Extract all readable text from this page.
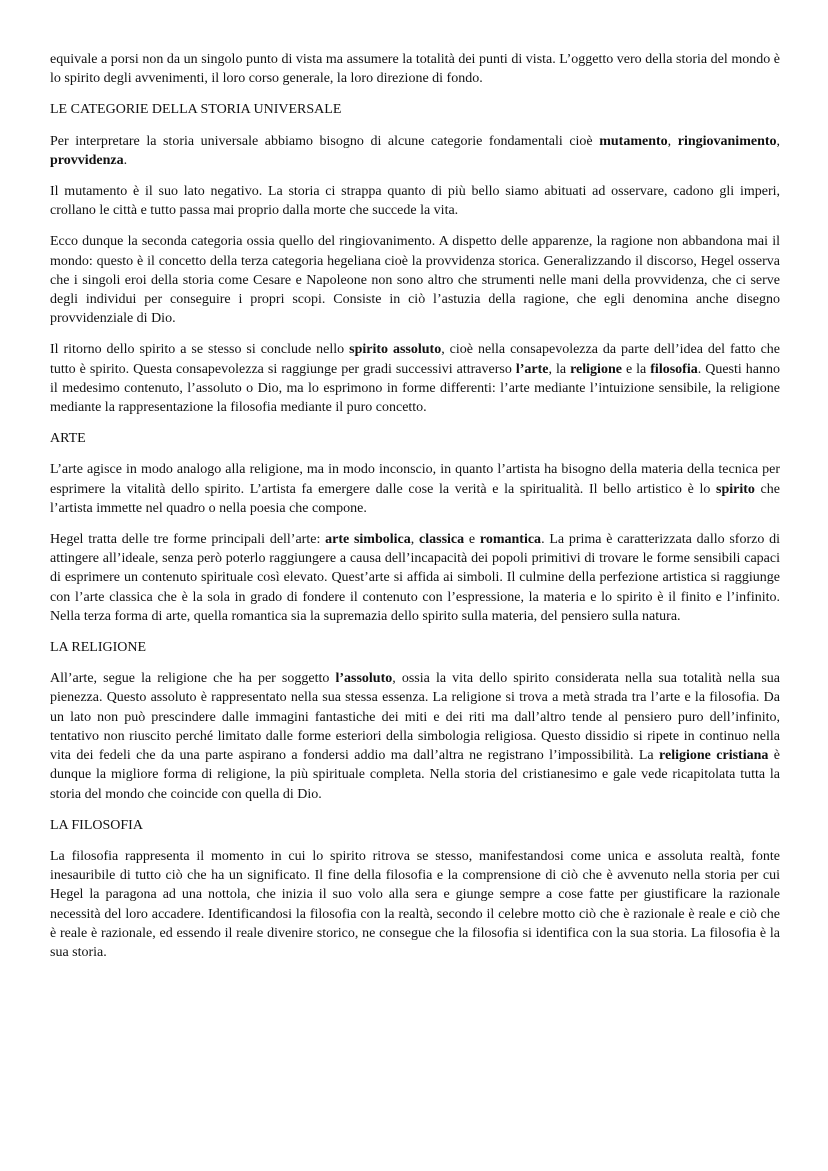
equivale a porsi non da un singolo punto di vista ma assumere la totalità dei punti di vista. L’oggetto vero della storia del mondo è lo spirito degli avvenimenti, il loro corso generale, la loro direzione di fondo.

LE CATEGORIE DELLA STORIA UNIVERSALE

Per interpretare la storia universale abbiamo bisogno di alcune categorie fondamentali cioè mutamento, ringiovanimento, provvidenza.

Il mutamento è il suo lato negativo. La storia ci strappa quanto di più bello siamo abituati ad osservare, cadono gli imperi, crollano le città e tutto passa mai proprio dalla morte che succede la vita.

Ecco dunque la seconda categoria ossia quello del ringiovanimento. A dispetto delle apparenze, la ragione non abbandona mai il mondo: questo è il concetto della terza categoria hegeliana cioè la provvidenza storica. Generalizzando il discorso, Hegel osserva che i singoli eroi della storia come Cesare e Napoleone non sono altro che strumenti nelle mani della provvidenza, che ci serve degli individui per conseguire i propri scopi. Consiste in ciò l’astuzia della ragione, che egli denomina anche disegno provvidenziale di Dio.

Il ritorno dello spirito a se stesso si conclude nello spirito assoluto, cioè nella consapevolezza da parte dell’idea del fatto che tutto è spirito. Questa consapevolezza si raggiunge per gradi successivi attraverso l’arte, la religione e la filosofia. Questi hanno il medesimo contenuto, l’assoluto o Dio, ma lo esprimono in forme differenti: l’arte mediante l’intuizione sensibile, la religione mediante la rappresentazione la filosofia mediante il puro concetto.

ARTE

L’arte agisce in modo analogo alla religione, ma in modo inconscio, in quanto l’artista ha bisogno della materia della tecnica per esprimere la vitalità dello spirito. L’artista fa emergere dalle cose la verità e la spiritualità. Il bello artistico è lo spirito che l’artista immette nel quadro o nella poesia che compone.

Hegel tratta delle tre forme principali dell’arte: arte simbolica, classica e romantica. La prima è caratterizzata dallo sforzo di attingere all’ideale, senza però poterlo raggiungere a causa dell’incapacità dei popoli primitivi di trovare le forme sensibili capaci di esprimere un contenuto spirituale così elevato. Quest’arte si affida ai simboli. Il culmine della perfezione artistica si raggiunge con l’arte classica che è la sola in grado di fondere il contenuto con l’espressione, la materia e lo spirito è il finito e l’infinito. Nella terza forma di arte, quella romantica sia la supremazia dello spirito sulla materia, del pensiero sulla natura.

LA RELIGIONE

All’arte, segue la religione che ha per soggetto l’assoluto, ossia la vita dello spirito considerata nella sua totalità nella sua pienezza. Questo assoluto è rappresentato nella sua stessa essenza. La religione si trova a metà strada tra l’arte e la filosofia. Da un lato non può prescindere dalle immagini fantastiche dei miti e dei riti ma dall’altro tende al pensiero puro dell’infinito, tentativo non riuscito perché limitato dalle forme esteriori della simbologia religiosa. Questo dissidio si ripete in continuo nella vita dei fedeli che da una parte aspirano a fondersi addio ma dall’altra ne registrano l’impossibilità. La religione cristiana è dunque la migliore forma di religione, la più spirituale completa. Nella storia del cristianesimo e gale vede ricapitolata tutta la storia del mondo che coincide con quella di Dio.

LA FILOSOFIA

La filosofia rappresenta il momento in cui lo spirito ritrova se stesso, manifestandosi come unica e assoluta realtà, fonte inesauribile di tutto ciò che ha un significato. Il fine della filosofia e la comprensione di ciò che è avvenuto nella storia per cui Hegel la paragona ad una nottola, che inizia il suo volo alla sera e giunge sempre a cose fatte per giustificare la razionale necessità del loro accadere. Identificandosi la filosofia con la realtà, secondo il celebre motto ciò che è razionale è reale e ciò che è reale è razionale, ed essendo il reale divenire storico, ne consegue che la filosofia si identifica con la sua storia. La filosofia è la sua storia.
